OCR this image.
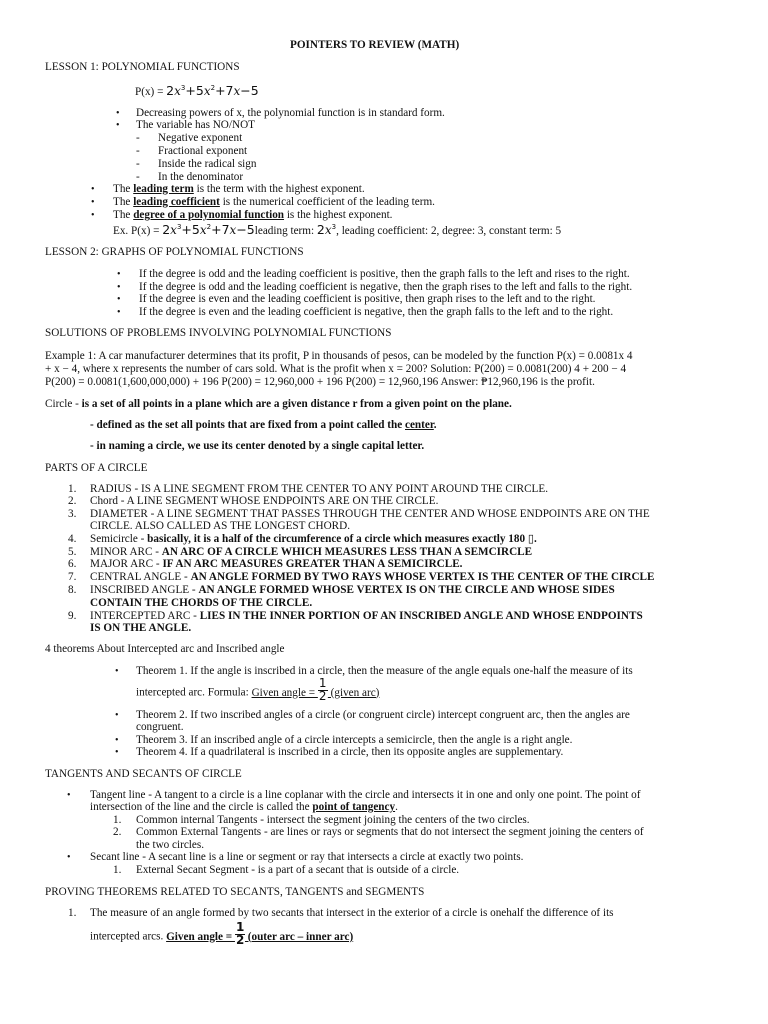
POINTERS TO REVIEW (MATH)
LESSON 1: POLYNOMIAL FUNCTIONS
$P(x) = 2x^3+5x^2+7x-5$
• Decreasing powers of x, the polynomial function is in standard form.
• The variable has NO/NOT
- Negative exponent
- Fractional exponent
- Inside the radical sign
- In the denominator
• The leading term is the term with the highest exponent.
• The leading coefficient is the numerical coefficient of the leading term.
• The degree of a polynomial function is the highest exponent.
Ex. $P(x) = 2x^3+5x^2+7x-5leading$ term: $2x^3$, leading coefficient: 2, degree: 3, constant term: 5
LESSON 2: GRAPHS OF POLYNOMIAL FUNCTIONS
• If the degree is odd and the leading coefficient is positive, then the graph falls to the left and rises to the right.
• If the degree is odd and the leading coefficient is negative, then the graph rises to the left and falls to the right.
• If the degree is even and the leading coefficient is positive, then graph rises to the left and to the right.
• If the degree is even and the leading coefficient is negative, then the graph falls to the left and to the right.
SOLUTIONS OF PROBLEMS INVOLVING POLYNOMIAL FUNCTIONS
Example 1: A car manufacturer determines that its profit, P in thousands of pesos, can be modeled by the function P(x) = 0.0081x 4
+ x − 4, where x represents the number of cars sold. What is the profit when x = 200? Solution: P(200) = 0.0081(200) 4 + 200 − 4
P(200) = 0.0081(1,600,000,000) + 196 P(200) = 12,960,000 + 196 P(200) = 12,960,196 Answer: ₱12,960,196 is the profit.
Circle - is a set of all points in a plane which are a given distance r from a given point on the plane.
- defined as the set all points that are fixed from a point called the center.
- in naming a circle, we use its center denoted by a single capital letter.
PARTS OF A CIRCLE
1. RADIUS - IS A LINE SEGMENT FROM THE CENTER TO ANY POINT AROUND THE CIRCLE.
2. Chord - A LINE SEGMENT WHOSE ENDPOINTS ARE ON THE CIRCLE.
3. DIAMETER - A LINE SEGMENT THAT PASSES THROUGH THE CENTER AND WHOSE ENDPOINTS ARE ON THE
CIRCLE. ALSO CALLED AS THE LONGEST CHORD.
4. Semicircle - basically, it is a half of the circumference of a circle which measures exactly 180 ▯.
5. MINOR ARC - AN ARC OF A CIRCLE WHICH MEASURES LESS THAN A SEMCIRCLE
6. MAJOR ARC - IF AN ARC MEASURES GREATER THAN A SEMICIRCLE.
7. CENTRAL ANGLE - AN ANGLE FORMED BY TWO RAYS WHOSE VERTEX IS THE CENTER OF THE CIRCLE
8. INSCRIBED ANGLE - AN ANGLE FORMED WHOSE VERTEX IS ON THE CIRCLE AND WHOSE SIDES
CONTAIN THE CHORDS OF THE CIRCLE.
9. INTERCEPTED ARC - LIES IN THE INNER PORTION OF AN INSCRIBED ANGLE AND WHOSE ENDPOINTS
IS ON THE ANGLE.
4 theorems About Intercepted arc and Inscribed angle
• Theorem 1. If the angle is inscribed in a circle, then the measure of the angle equals one-half the measure of its
intercepted arc. Formula: Given angle = $\frac{1}{2}$ (given arc)
• Theorem 2. If two inscribed angles of a circle (or congruent circle) intercept congruent arc, then the angles are
congruent.
• Theorem 3. If an inscribed angle of a circle intercepts a semicircle, then the angle is a right angle.
• Theorem 4. If a quadrilateral is inscribed in a circle, then its opposite angles are supplementary.
TANGENTS AND SECANTS OF CIRCLE
• Tangent line - A tangent to a circle is a line coplanar with the circle and intersects it in one and only one point. The point of
intersection of the line and the circle is called the point of tangency.
1. Common internal Tangents - intersect the segment joining the centers of the two circles.
2. Common External Tangents - are lines or rays or segments that do not intersect the segment joining the centers of
the two circles.
• Secant line - A secant line is a line or segment or ray that intersects a circle at exactly two points.
1. External Secant Segment - is a part of a secant that is outside of a circle.
PROVING THEOREMS RELATED TO SECANTS, TANGENTS and SEGMENTS
1. The measure of an angle formed by two secants that intersect in the exterior of a circle is onehalf the difference of its
intercepted arcs. Given angle = $\frac{1}{2}$ (outer arc – inner arc)
